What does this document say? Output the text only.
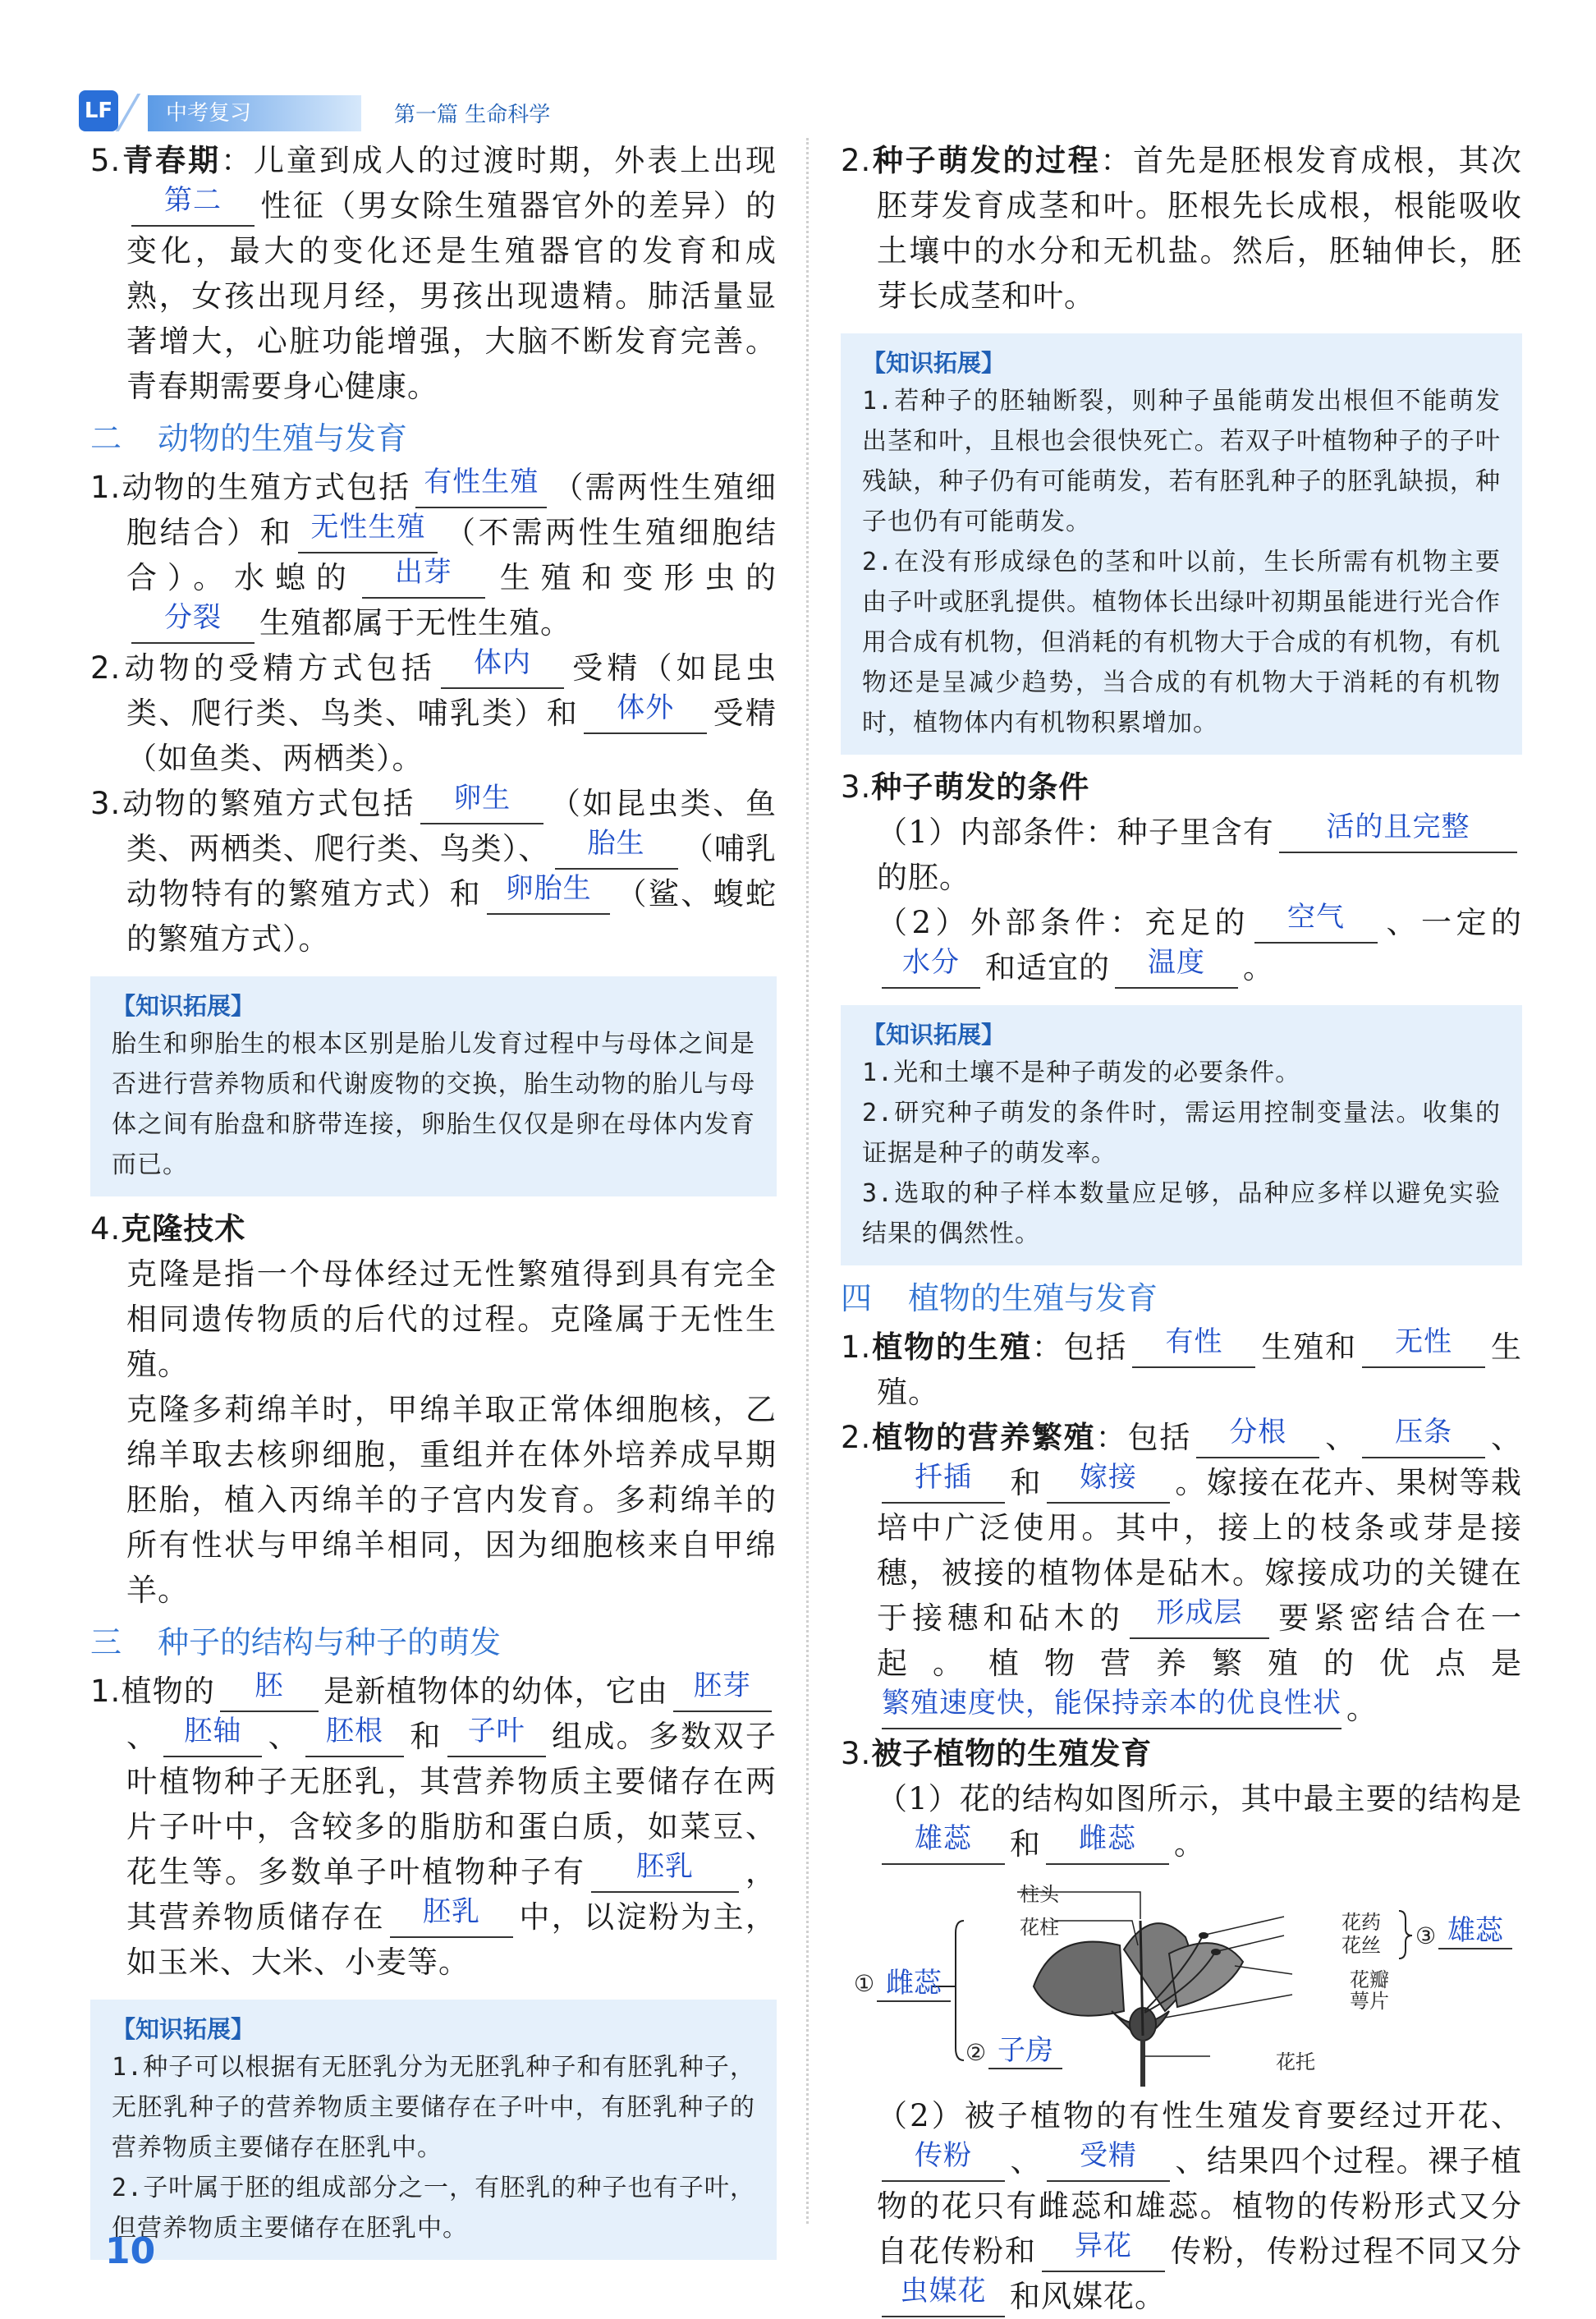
LF	中考复习	第一篇 生命科学

5.青春期：儿童到成人的过渡时期，外表上出现第二 性征（男女除生殖器官外的差异）的变化，最大的变化还是生殖器官的发育和成熟，女孩出现月经，男孩出现遗精。肺活量显著增大，心脏功能增强，大脑不断发育完善。青春期需要身心健康。

二 动物的生殖与发育

1.动物的生殖方式包括 有性生殖 （需两性生殖细胞结合）和 无性生殖 （不需两性生殖细胞结合）。水螅的 出芽 生殖和变形虫的分裂 生殖都属于无性生殖。

2.动物的受精方式包括 体内 受精（如昆虫类、爬行类、鸟类、哺乳类）和 体外 受精（如鱼类、两栖类）。

3.动物的繁殖方式包括 卵生 （如昆虫类、鱼类、两栖类、爬行类、鸟类）、 胎生 （哺乳动物特有的繁殖方式）和 卵胎生 （鲨、蝮蛇的繁殖方式）。

【知识拓展】

胎生和卵胎生的根本区别是胎儿发育过程中与母体之间是否进行营养物质和代谢废物的交换，胎生动物的胎儿与母体之间有胎盘和脐带连接，卵胎生仅仅是卵在母体内发育而已。

4.克隆技术

克隆是指一个母体经过无性繁殖得到具有完全相同遗传物质的后代的过程。克隆属于无性生殖。

克隆多莉绵羊时，甲绵羊取正常体细胞核，乙绵羊取去核卵细胞，重组并在体外培养成早期胚胎，植入丙绵羊的子宫内发育。多莉绵羊的所有性状与甲绵羊相同，因为细胞核来自甲绵羊。

三 种子的结构与种子的萌发

1.植物的 胚 是新植物体的幼体，它由 胚芽、 胚轴 、 胚根 和 子叶 组成。多数双子叶植物种子无胚乳，其营养物质主要储存在两片子叶中，含较多的脂肪和蛋白质，如菜豆、花生等。多数单子叶植物种子有 胚乳 ，其营养物质储存在 胚乳 中，以淀粉为主，如玉米、大米、小麦等。

【知识拓展】

1.种子可以根据有无胚乳分为无胚乳种子和有胚乳种子，无胚乳种子的营养物质主要储存在子叶中，有胚乳种子的营养物质主要储存在胚乳中。

2.子叶属于胚的组成部分之一，有胚乳的种子也有子叶，但营养物质主要储存在胚乳中。

2.种子萌发的过程：首先是胚根发育成根，其次胚芽发育成茎和叶。胚根先长成根，根能吸收土壤中的水分和无机盐。然后，胚轴伸长，胚芽长成茎和叶。

【知识拓展】

1.若种子的胚轴断裂，则种子虽能萌发出根但不能萌发出茎和叶，且根也会很快死亡。若双子叶植物种子的子叶残缺，种子仍有可能萌发，若有胚乳种子的胚乳缺损，种子也仍有可能萌发。

2.在没有形成绿色的茎和叶以前，生长所需有机物主要由子叶或胚乳提供。植物体长出绿叶初期虽能进行光合作用合成有机物，但消耗的有机物大于合成的有机物，有机物还是呈减少趋势，当合成的有机物大于消耗的有机物时，植物体内有机物积累增加。

3.种子萌发的条件

（1）内部条件：种子里含有 活的且完整的胚。

（2）外部条件：充足的 空气 、一定的水分 和适宜的 温度 。

【知识拓展】

1.光和土壤不是种子萌发的必要条件。

2.研究种子萌发的条件时，需运用控制变量法。收集的证据是种子的萌发率。

3.选取的种子样本数量应足够，品种应多样以避免实验结果的偶然性。

四 植物的生殖与发育

1.植物的生殖：包括 有性 生殖和 无性 生殖。

2.植物的营养繁殖：包括 分根 、 压条 、扦插 和 嫁接 。嫁接在花卉、果树等栽培中广泛使用。其中，接上的枝条或芽是接穗，被接的植物体是砧木。嫁接成功的关键在于接穗和砧木的 形成层 要紧密结合在一起。植物营养繁殖的优点是繁殖速度快，能保持亲本的优良性状 。

3.被子植物的生殖发育

（1）花的结构如图所示，其中最主要的结构是雄蕊 和 雌蕊 。

柱头
花柱	花药
花丝
花瓣
萼片
花托
① 雌蕊
② 子房
③ 雄蕊

（2）被子植物的有性生殖发育要经过开花、传粉 、 受精 、结果四个过程。裸子植物的花只有雌蕊和雄蕊。植物的传粉形式又分自花传粉和 异花 传粉，传粉过程不同又分虫媒花 和风媒花。

10
